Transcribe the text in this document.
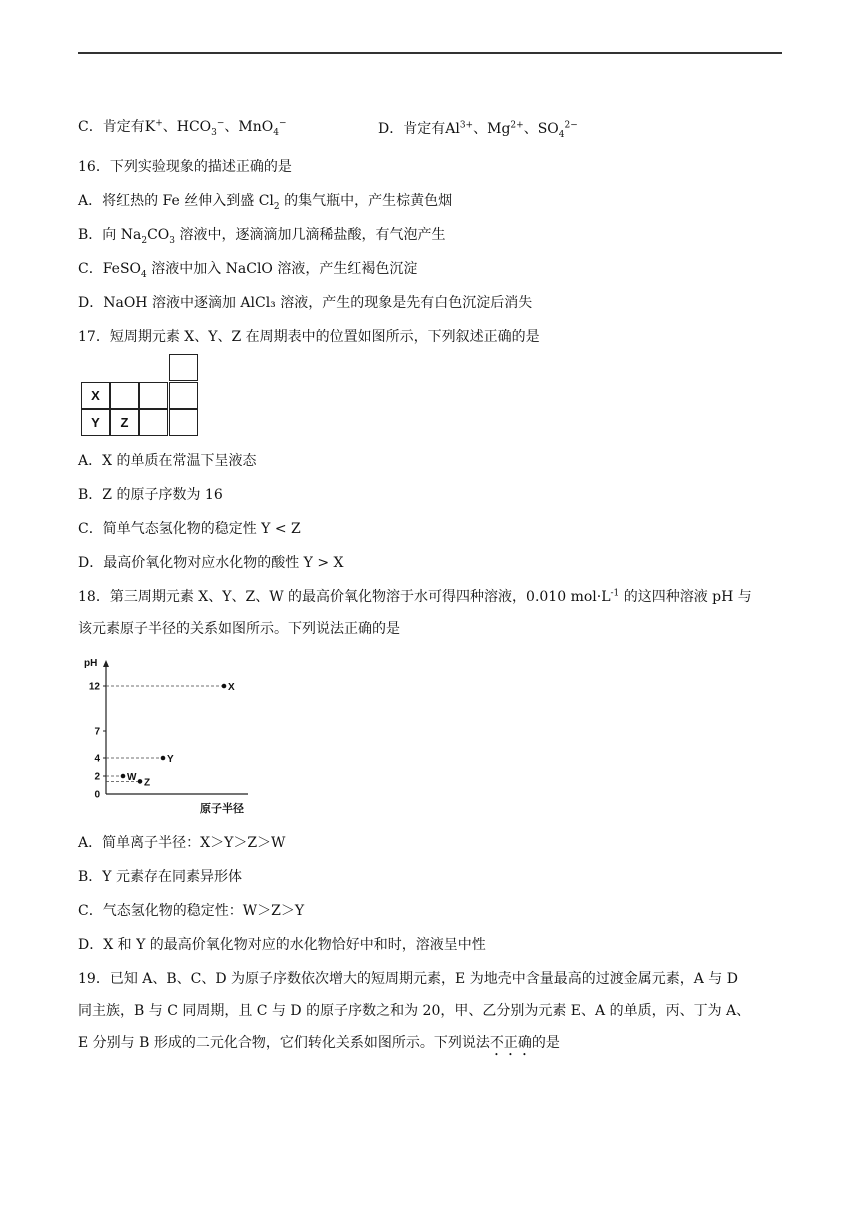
C．肯定有K+、$HCO_3^-$、MnO$_4$−	D．肯定有$Al^{3+}$、$Mg^{2+}$、$SO_4^{2-}$
16．下列实验现象的描述正确的是
A．将红热的 Fe 丝伸入到盛 $Cl_2$ 的集气瓶中，产生棕黄色烟
B．向 $Na_2CO_3$ 溶液中，逐滴滴加几滴稀盐酸，有气泡产生
C．FeSO$_4$ 溶液中加入 NaClO 溶液，产生红褐色沉淀
D．NaOH 溶液中逐滴加 AlCl₃ 溶液，产生的现象是先有白色沉淀后消失
17．短周期元素 X、Y、Z 在周期表中的位置如图所示，下列叙述正确的是
X
Y	Z
A．X 的单质在常温下呈液态
B．Z 的原子序数为 16
C．简单气态氢化物的稳定性 Y < Z
D．最高价氧化物对应水化物的酸性 Y > X
18．第三周期元素 X、Y、Z、W 的最高价氧化物溶于水可得四种溶液，0.010 $mol\cdot L^{-1}$ 的这四种溶液 pH 与
该元素原子半径的关系如图所示。下列说法正确的是
pH
原子半径
12
7
4
2
0
X
Y
W Z
A．简单离子半径：X＞Y＞Z＞W
B．Y 元素存在同素异形体
C．气态氢化物的稳定性：W＞Z＞Y
D．X 和 Y 的最高价氧化物对应的水化物恰好中和时，溶液呈中性
19．已知 A、B、C、D 为原子序数依次增大的短周期元素，E 为地壳中含量最高的过渡金属元素，A 与 D
同主族，B 与 C 同周期，且 C 与 D 的原子序数之和为 20，甲、乙分别为元素 E、A 的单质，丙、丁为 A、
E 分别与 B 形成的二元化合物，它们转化关系如图所示。下列说法不正确的是
